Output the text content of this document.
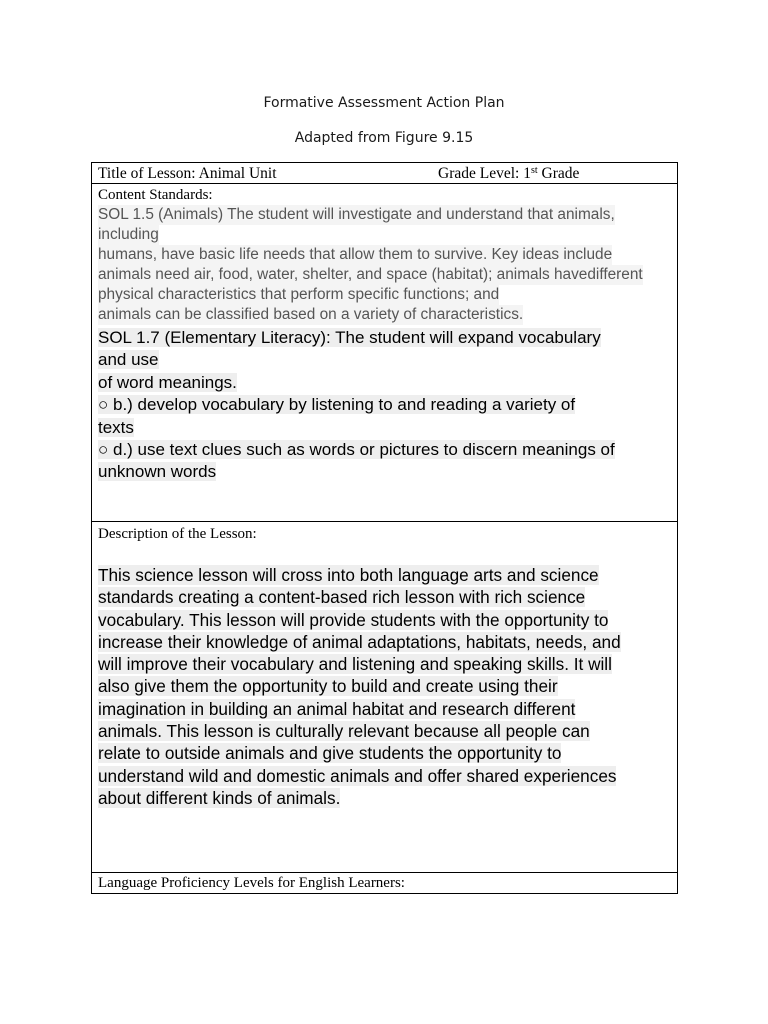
Formative Assessment Action Plan
Adapted from Figure 9.15
Title of Lesson: Animal Unit	Grade Level: 1st Grade
Content Standards:
SOL 1.5 (Animals) The student will investigate and understand that animals,includinghumans, have basic life needs that allow them to survive. Key ideas includeanimals need air, food, water, shelter, and space (habitat); animals havedifferentphysical characteristics that perform specific functions; andanimals can be classified based on a variety of characteristics.
SOL 1.7 (Elementary Literacy): The student will expand vocabulary
and use
of word meanings.
○ b.) develop vocabulary by listening to and reading a variety of
texts
○ d.) use text clues such as words or pictures to discern meanings of
unknown words
Description of the Lesson:
This science lesson will cross into both language arts and science
standards creating a content-based rich lesson with rich science
vocabulary. This lesson will provide students with the opportunity to
increase their knowledge of animal adaptations, habitats, needs, and
will improve their vocabulary and listening and speaking skills. It will
also give them the opportunity to build and create using their
imagination in building an animal habitat and research different
animals. This lesson is culturally relevant because all people can
relate to outside animals and give students the opportunity to
understand wild and domestic animals and offer shared experiences
about different kinds of animals.
Language Proficiency Levels for English Learners:
